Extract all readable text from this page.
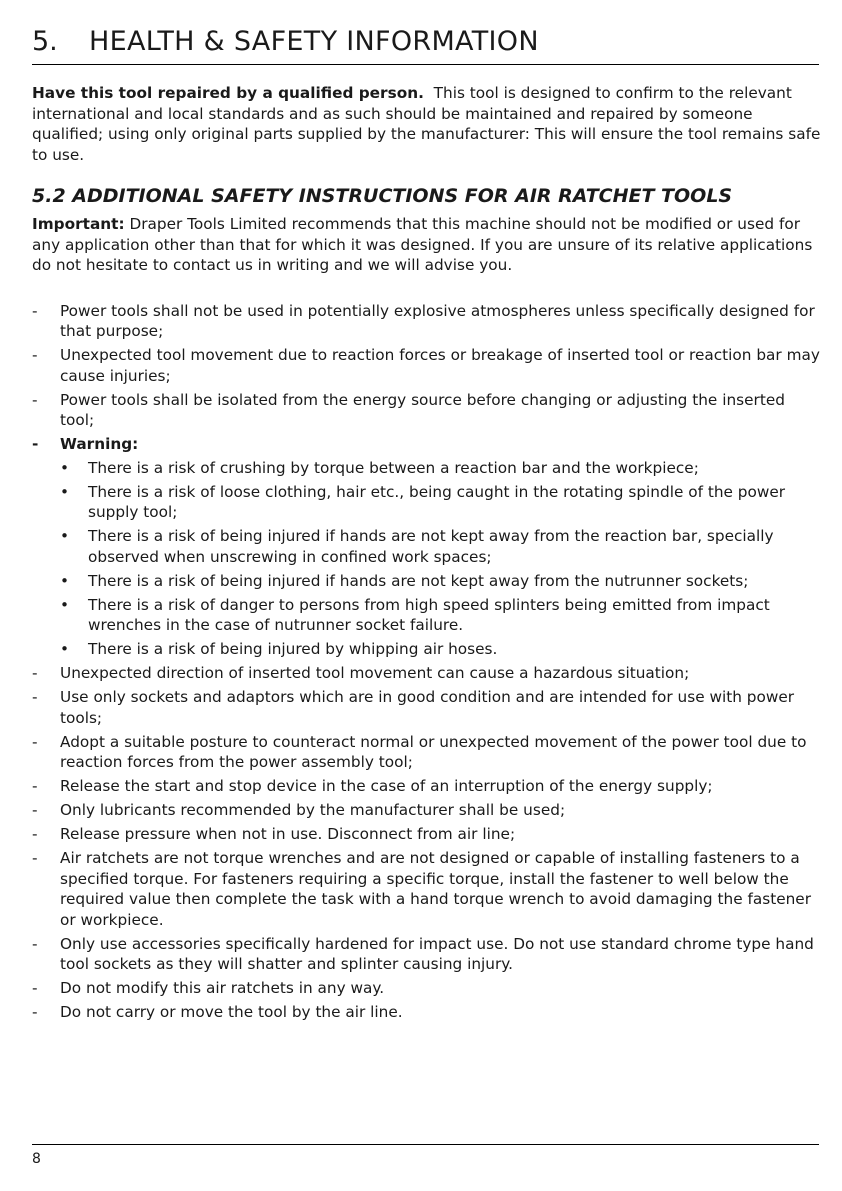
5. HEALTH & SAFETY INFORMATION

Have this tool repaired by a qualified person. This tool is designed to confirm to the relevant international and local standards and as such should be maintained and repaired by someone qualified; using only original parts supplied by the manufacturer: This will ensure the tool remains safe to use.

5.2 ADDITIONAL SAFETY INSTRUCTIONS FOR AIR RATCHET TOOLS

Important: Draper Tools Limited recommends that this machine should not be modified or used for any application other than that for which it was designed. If you are unsure of its relative applications do not hesitate to contact us in writing and we will advise you.

- Power tools shall not be used in potentially explosive atmospheres unless specifically designed for that purpose;
- Unexpected tool movement due to reaction forces or breakage of inserted tool or reaction bar may cause injuries;
- Power tools shall be isolated from the energy source before changing or adjusting the inserted tool;
- Warning:
• There is a risk of crushing by torque between a reaction bar and the workpiece;
• There is a risk of loose clothing, hair etc., being caught in the rotating spindle of the power supply tool;
• There is a risk of being injured if hands are not kept away from the reaction bar, specially observed when unscrewing in confined work spaces;
• There is a risk of being injured if hands are not kept away from the nutrunner sockets;
• There is a risk of danger to persons from high speed splinters being emitted from impact wrenches in the case of nutrunner socket failure.
• There is a risk of being injured by whipping air hoses.
- Unexpected direction of inserted tool movement can cause a hazardous situation;
- Use only sockets and adaptors which are in good condition and are intended for use with power tools;
- Adopt a suitable posture to counteract normal or unexpected movement of the power tool due to reaction forces from the power assembly tool;
- Release the start and stop device in the case of an interruption of the energy supply;
- Only lubricants recommended by the manufacturer shall be used;
- Release pressure when not in use. Disconnect from air line;
- Air ratchets are not torque wrenches and are not designed or capable of installing fasteners to a specified torque. For fasteners requiring a specific torque, install the fastener to well below the required value then complete the task with a hand torque wrench to avoid damaging the fastener or workpiece.
- Only use accessories specifically hardened for impact use. Do not use standard chrome type hand tool sockets as they will shatter and splinter causing injury.
- Do not modify this air ratchets in any way.
- Do not carry or move the tool by the air line.
8
